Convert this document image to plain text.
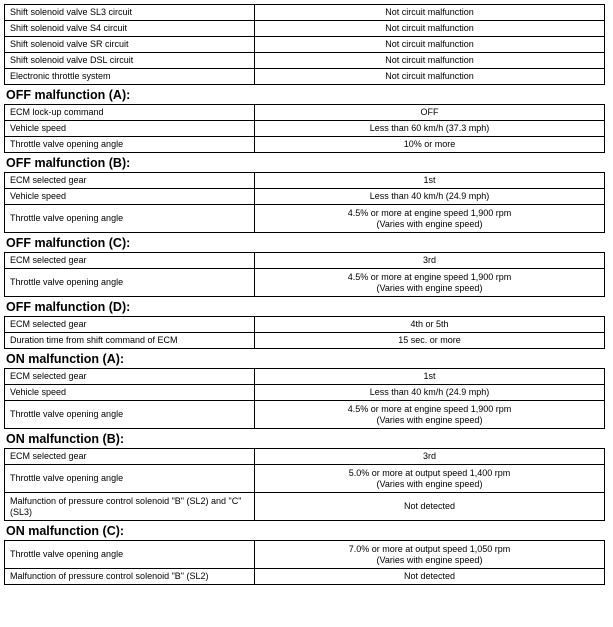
Shift solenoid valve SL3 circuit	Not circuit malfunction

Shift solenoid valve S4 circuit	Not circuit malfunction

Shift solenoid valve SR circuit	Not circuit malfunction

Shift solenoid valve DSL circuit	Not circuit malfunction

Electronic throttle system	Not circuit malfunction
OFF malfunction (A):
ECM lock-up command	OFF

Vehicle speed	Less than 60 km/h (37.3 mph)

Throttle valve opening angle	10% or more
OFF malfunction (B):
ECM selected gear	1st

Vehicle speed	Less than 40 km/h (24.9 mph)

Throttle valve opening angle	4.5% or more at engine speed 1,900 rpm
(Varies with engine speed)
OFF malfunction (C):
ECM selected gear	3rd

Throttle valve opening angle	4.5% or more at engine speed 1,900 rpm
(Varies with engine speed)
OFF malfunction (D):
ECM selected gear	4th or 5th

Duration time from shift command of ECM	15 sec. or more
ON malfunction (A):
ECM selected gear	1st

Vehicle speed	Less than 40 km/h (24.9 mph)

Throttle valve opening angle	4.5% or more at engine speed 1,900 rpm
(Varies with engine speed)
ON malfunction (B):
ECM selected gear	3rd

Throttle valve opening angle	5.0% or more at output speed 1,400 rpm
(Varies with engine speed)

Malfunction of pressure control solenoid "B" (SL2) and "C" (SL3)	Not detected
ON malfunction (C):
Throttle valve opening angle	7.0% or more at output speed 1,050 rpm
(Varies with engine speed)

Malfunction of pressure control solenoid "B" (SL2)	Not detected
